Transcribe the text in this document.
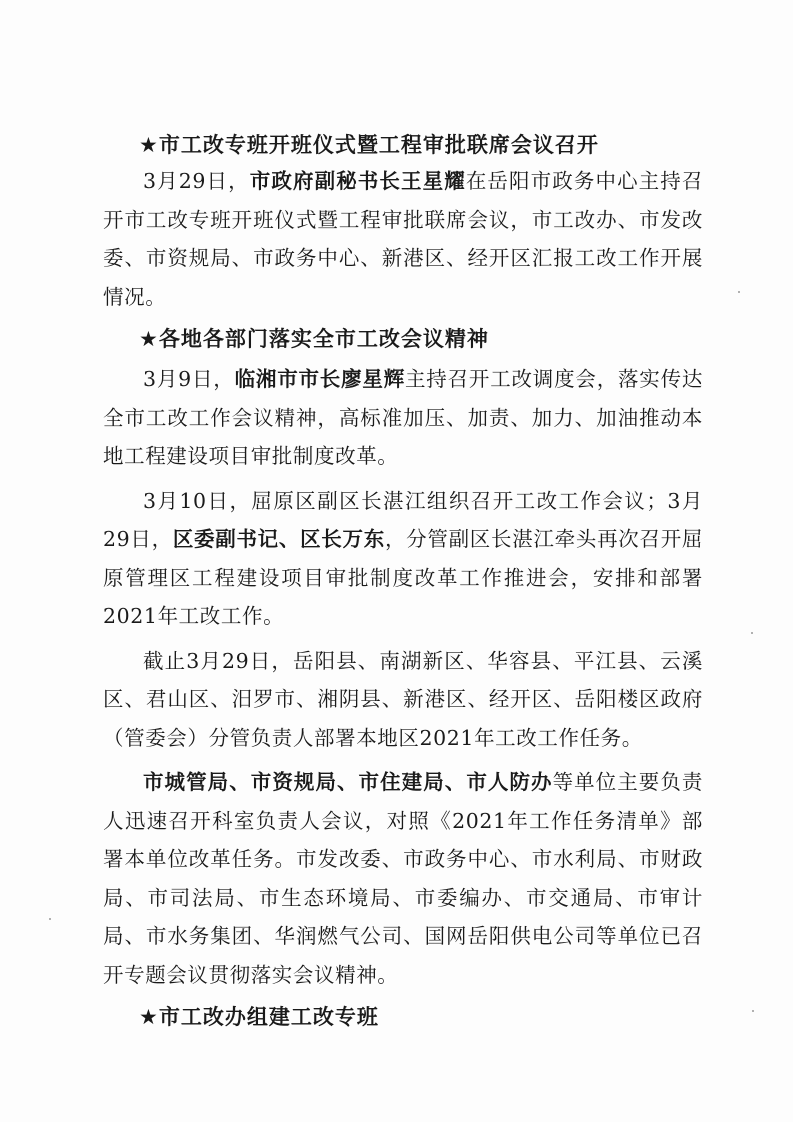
★市工改专班开班仪式暨工程审批联席会议召开

3月29日，市政府副秘书长王星耀在岳阳市政务中心主持召开市工改专班开班仪式暨工程审批联席会议，市工改办、市发改委、市资规局、市政务中心、新港区、经开区汇报工改工作开展情况。

★各地各部门落实全市工改会议精神

3月9日，临湘市市长廖星辉主持召开工改调度会，落实传达全市工改工作会议精神，高标准加压、加责、加力、加油推动本地工程建设项目审批制度改革。

3月10日，屈原区副区长湛江组织召开工改工作会议；3月29日，区委副书记、区长万东，分管副区长湛江牵头再次召开屈原管理区工程建设项目审批制度改革工作推进会，安排和部署2021年工改工作。

截止3月29日，岳阳县、南湖新区、华容县、平江县、云溪区、君山区、汨罗市、湘阴县、新港区、经开区、岳阳楼区政府（管委会）分管负责人部署本地区2021年工改工作任务。

市城管局、市资规局、市住建局、市人防办等单位主要负责人迅速召开科室负责人会议，对照《2021年工作任务清单》部署本单位改革任务。市发改委、市政务中心、市水利局、市财政局、市司法局、市生态环境局、市委编办、市交通局、市审计局、市水务集团、华润燃气公司、国网岳阳供电公司等单位已召开专题会议贯彻落实会议精神。

★市工改办组建工改专班
